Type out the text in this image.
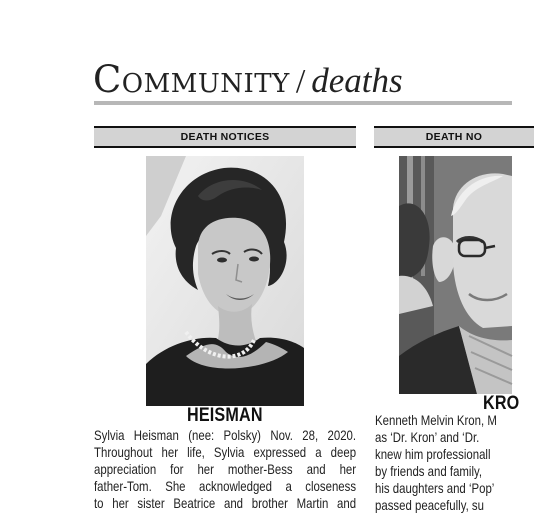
Community / deaths
DEATH NOTICES
HEISMAN
Sylvia Heisman (nee: Polsky) Nov. 28, 2020.
Throughout her life, Sylvia expressed a deep
appreciation for her mother-Bess and her
father-Tom. She acknowledged a closeness
to her sister Beatrice and brother Martin and
DEATH NO
KRO
Kenneth Melvin Kron, M
as ‘Dr. Kron’ and ‘Dr.
knew him professionall
by friends and family,
his daughters and ‘Pop’
passed peacefully, su
